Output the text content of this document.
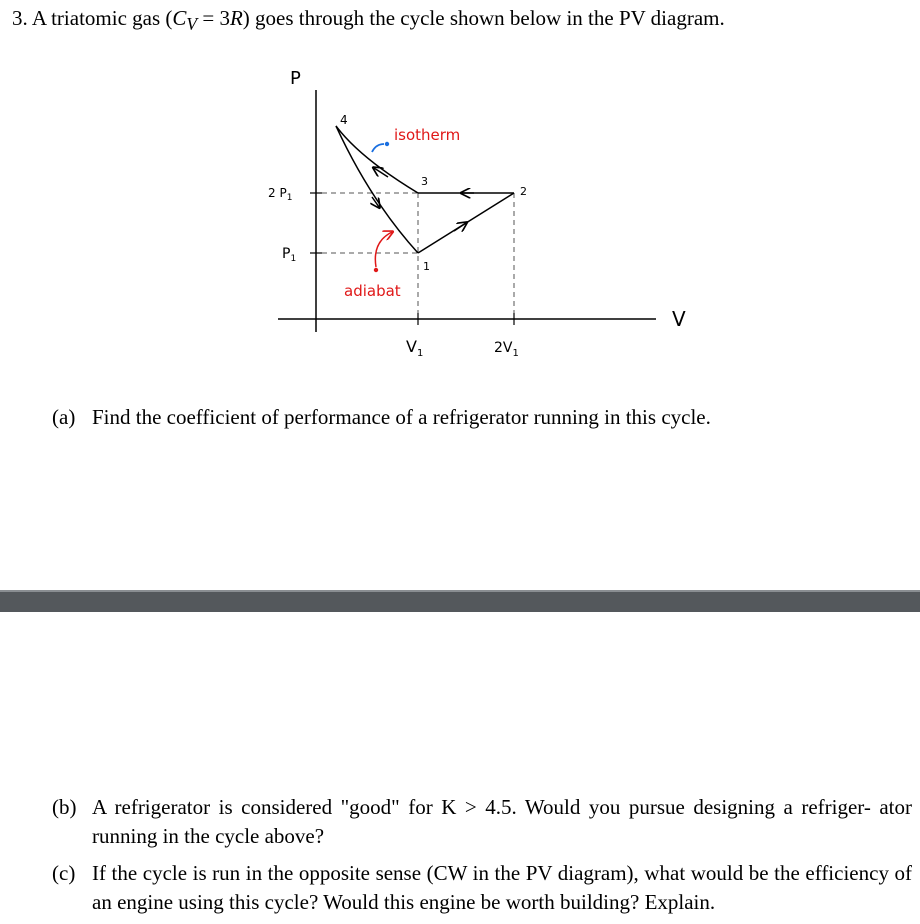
3. A triatomic gas $(C_V = 3R)$ goes through the cycle shown below in the PV diagram.
P
V
2 $P_1$
$P_1$
$V_1$	$2V_1$
1
2
3
4
isotherm
adiabat
(a) Find the coefficient of performance of a refrigerator running in this cycle.
(b) A refrigerator is considered "good" for K > 4.5. Would you pursue designing a refriger- ator running in the cycle above?
(c) If the cycle is run in the opposite sense (CW in the PV diagram), what would be the efficiency of an engine using this cycle? Would this engine be worth building? Explain.
